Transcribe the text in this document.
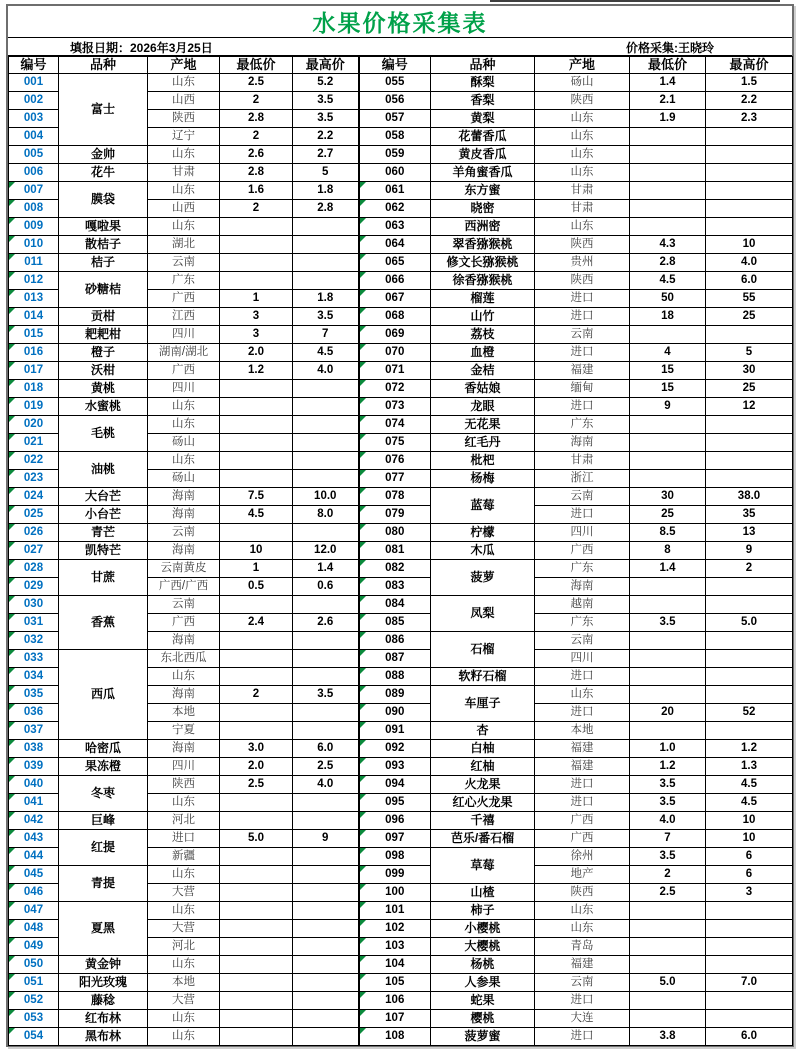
水果价格采集表
填报日期：2026年3月25日	价格采集:王晓玲
编号	品种	产地	最低价	最高价	编号	品种	产地	最低价	最高价
001	富士	山东	2.5	5.2	055	酥梨	砀山	1.4	1.5
002		山西	2	3.5	056	香梨	陕西	2.1	2.2
003		陕西	2.8	3.5	057	黄梨	山东	1.9	2.3
004		辽宁	2	2.2	058	花蕾香瓜	山东		
005	金帅	山东	2.6	2.7	059	黄皮香瓜	山东		
006	花牛	甘肃	2.8	5	060	羊角蜜香瓜	山东		
007	膜袋	山东	1.6	1.8	061	东方蜜	甘肃		

008		山西	2	2.8	062	晓密	甘肃		

009	嘎啦果	山东			063	西洲密	山东		

010	散桔子	湖北			064	翠香猕猴桃	陕西	4.3	10

011	桔子	云南			065	修文长猕猴桃	贵州	2.8	4.0

012	砂糖桔	广东			066	徐香猕猴桃	陕西	4.5	6.0

013		广西	1	1.8	067	榴莲	进口	50	55

014	贡柑	江西	3	3.5	068	山竹	进口	18	25

015	耙耙柑	四川	3	7	069	荔枝	云南		

016	橙子	湖南/湖北	2.0	4.5	070	血橙	进口	4	5

017	沃柑	广西	1.2	4.0	071	金桔	福建	15	30

018	黄桃	四川			072	香姑娘	缅甸	15	25

019	水蜜桃	山东			073	龙眼	进口	9	12

020	毛桃	山东			074	无花果	广东		

021		砀山			075	红毛丹	海南		

022	油桃	山东			076	枇杷	甘肃		

023		砀山			077	杨梅	浙江		

024	大台芒	海南	7.5	10.0	078	蓝莓	云南	30	38.0

025	小台芒	海南	4.5	8.0	079		进口	25	35

026	青芒	云南			080	柠檬	四川	8.5	13

027	凯特芒	海南	10	12.0	081	木瓜	广西	8	9

028	甘蔗	云南黄皮	1	1.4	082	菠萝	广东	1.4	2

029		广西/广西	0.5	0.6	083		海南		

030	香蕉	云南			084	凤梨	越南		

031		广西	2.4	2.6	085		广东	3.5	5.0

032		海南			086	石榴	云南		

033	西瓜	东北西瓜			087		四川		

034		山东			088	软籽石榴	进口		

035		海南	2	3.5	089	车厘子	山东		

036		本地			090		进口	20	52

037		宁夏			091	杏	本地		

038	哈密瓜	海南	3.0	6.0	092	白柚	福建	1.0	1.2

039	果冻橙	四川	2.0	2.5	093	红柚	福建	1.2	1.3

040	冬枣	陕西	2.5	4.0	094	火龙果	进口	3.5	4.5

041		山东			095	红心火龙果	进口	3.5	4.5

042	巨峰	河北			096	千禧	广西	4.0	10

043	红提	进口	5.0	9	097	芭乐/番石榴	广西	7	10

044		新疆			098	草莓	徐州	3.5	6

045	青提	山东			099		地产	2	6

046		大营			100	山楂	陕西	2.5	3

047	夏黑	山东			101	柿子	山东		

048		大营			102	小樱桃	山东		

049		河北			103	大樱桃	青岛		

050	黄金钟	山东			104	杨桃	福建		

051	阳光玫瑰	本地			105	人参果	云南	5.0	7.0

052	藤稔	大营			106	蛇果	进口		

053	红布林	山东			107	樱桃	大连		

054	黑布林	山东			108	菠萝蜜	进口	3.8	6.0
